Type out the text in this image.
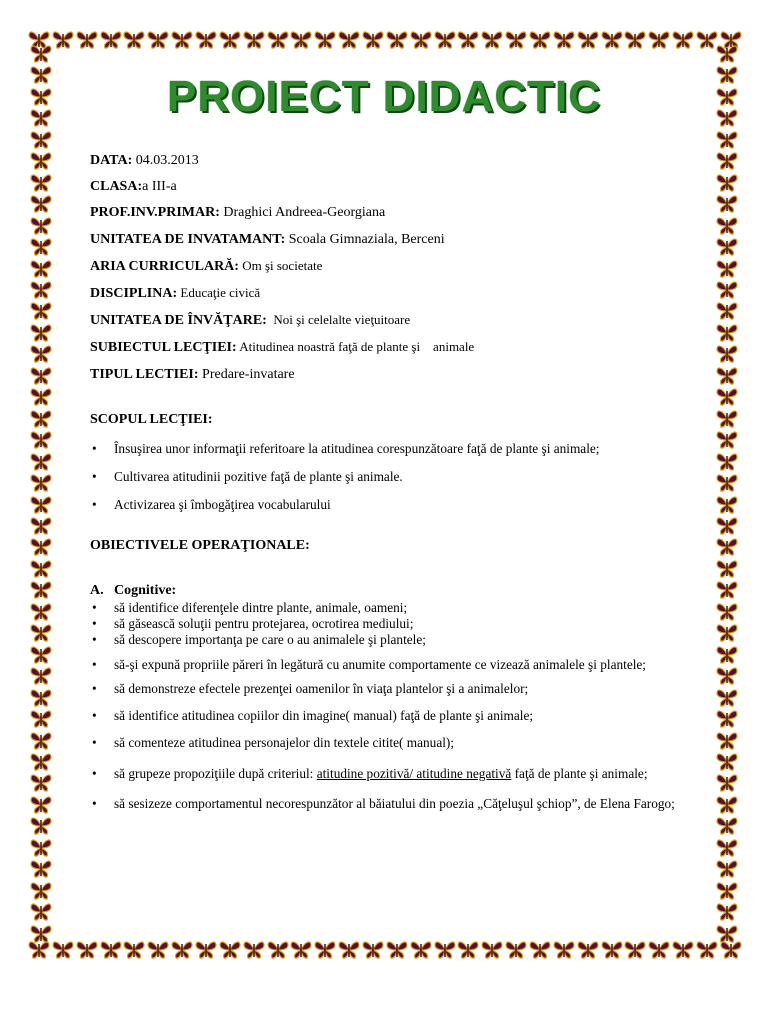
PROIECT DIDACTIC
DATA: 04.03.2013
CLASA:a III-a
PROF.INV.PRIMAR: Draghici Andreea-Georgiana
UNITATEA DE INVATAMANT: Scoala Gimnaziala, Berceni
ARIA CURRICULARĂ: Om şi societate
DISCIPLINA: Educaţie civică
UNITATEA DE ÎNVĂŢARE:  Noi şi celelalte vieţuitoare
SUBIECTUL LECŢIEI: Atitudinea noastră faţă de plante şi    animale
TIPUL LECTIEI: Predare-invatare
SCOPUL LECŢIEI:
• Însuşirea unor informaţii referitoare la atitudinea corespunzătoare faţă de plante şi animale;
• Cultivarea atitudinii pozitive faţă de plante şi animale.
• Activizarea şi îmbogăţirea vocabularului
OBIECTIVELE OPERAŢIONALE:
A. Cognitive:
• să identifice diferenţele dintre plante, animale, oameni;
• să găsească soluţii pentru protejarea, ocrotirea mediului;
• să descopere importanţa pe care o au animalele şi plantele;
• să-şi expună propriile păreri în legătură cu anumite comportamente ce vizează animalele şi plantele;
• să demonstreze efectele prezenţei oamenilor în viaţa plantelor şi a animalelor;
• să identifice atitudinea copiilor din imagine( manual) faţă de plante şi animale;
• să comenteze atitudinea personajelor din textele citite( manual);
• să grupeze propoziţiile după criteriul: atitudine pozitivă/ atitudine negativă faţă de plante şi animale;
• să sesizeze comportamentul necorespunzător al băiatului din poezia „Căţeluşul şchiop”, de Elena Farogo;
